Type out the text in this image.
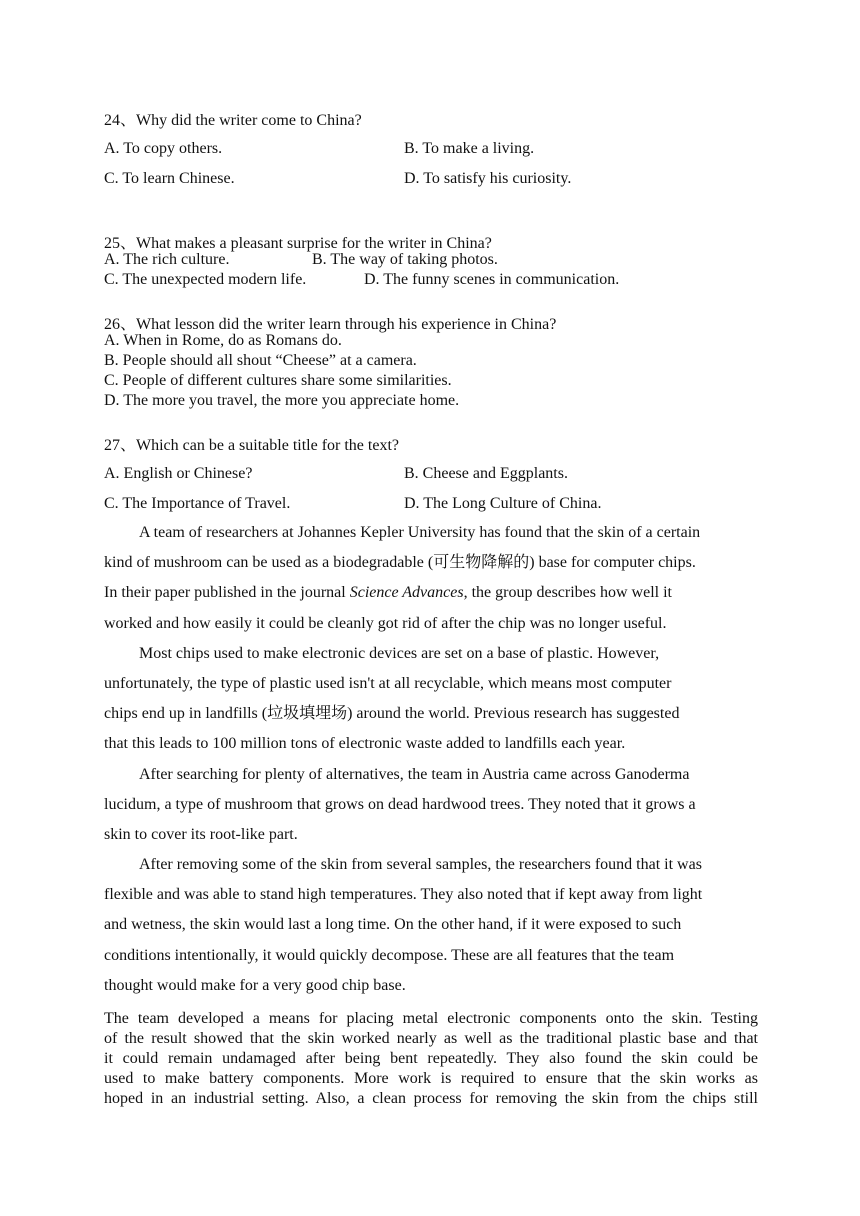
24、Why did the writer come to China?
A. To copy others.	B. To make a living.
C. To learn Chinese.	D. To satisfy his curiosity.
25、What makes a pleasant surprise for the writer in China?
A. The rich culture.	B. The way of taking photos.
C. The unexpected modern life.	D. The funny scenes in communication.
26、What lesson did the writer learn through his experience in China?
A. When in Rome, do as Romans do.
B. People should all shout “Cheese” at a camera.
C. People of different cultures share some similarities.
D. The more you travel, the more you appreciate home.
27、Which can be a suitable title for the text?
A. English or Chinese?	B. Cheese and Eggplants.
C. The Importance of Travel.	D. The Long Culture of China.

A team of researchers at Johannes Kepler University has found that the skin of a certain

kind of mushroom can be used as a biodegradable (可生物降解的) base for computer chips.

In their paper published in the journal Science Advances, the group describes how well it

worked and how easily it could be cleanly got rid of after the chip was no longer useful.

Most chips used to make electronic devices are set on a base of plastic. However,

unfortunately, the type of plastic used isn't at all recyclable, which means most computer

chips end up in landfills (垃圾填埋场) around the world. Previous research has suggested

that this leads to 100 million tons of electronic waste added to landfills each year.

After searching for plenty of alternatives, the team in Austria came across Ganoderma

lucidum, a type of mushroom that grows on dead hardwood trees. They noted that it grows a

skin to cover its root-like part.

After removing some of the skin from several samples, the researchers found that it was

flexible and was able to stand high temperatures. They also noted that if kept away from light

and wetness, the skin would last a long time. On the other hand, if it were exposed to such

conditions intentionally, it would quickly decompose. These are all features that the team

thought would make for a very good chip base.

The team developed a means for placing metal electronic components onto the skin. Testing
of the result showed that the skin worked nearly as well as the traditional plastic base and that
it could remain undamaged after being bent repeatedly. They also found the skin could be
used to make battery components. More work is required to ensure that the skin works as
hoped in an industrial setting. Also, a clean process for removing the skin from the chips still
